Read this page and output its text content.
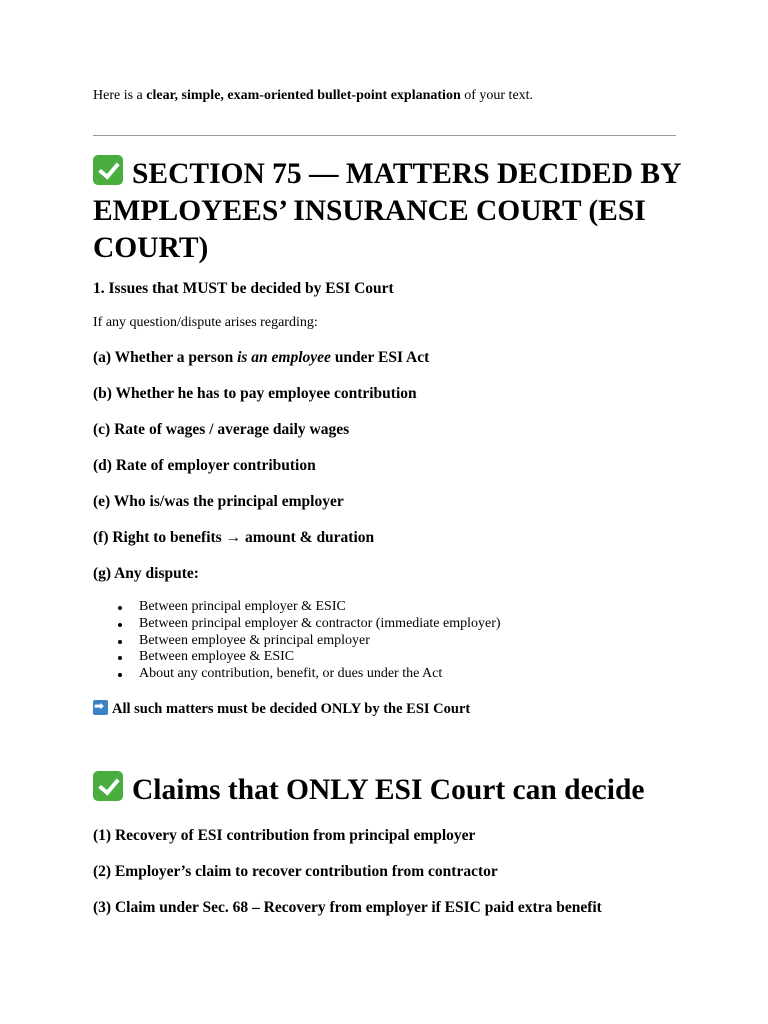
Here is a clear, simple, exam-oriented bullet-point explanation of your text.
SECTION 75 — MATTERS DECIDED BY EMPLOYEES’ INSURANCE COURT (ESI COURT)
1. Issues that MUST be decided by ESI Court
If any question/dispute arises regarding:
(a) Whether a person is an employee under ESI Act
(b) Whether he has to pay employee contribution
(c) Rate of wages / average daily wages
(d) Rate of employer contribution
(e) Who is/was the principal employer
(f) Right to benefits → amount & duration
(g) Any dispute:
Between principal employer & ESIC
Between principal employer & contractor (immediate employer)
Between employee & principal employer
Between employee & ESIC
About any contribution, benefit, or dues under the Act
➡All such matters must be decided ONLY by the ESI Court
Claims that ONLY ESI Court can decide
(1) Recovery of ESI contribution from principal employer
(2) Employer’s claim to recover contribution from contractor
(3) Claim under Sec. 68 – Recovery from employer if ESIC paid extra benefit
